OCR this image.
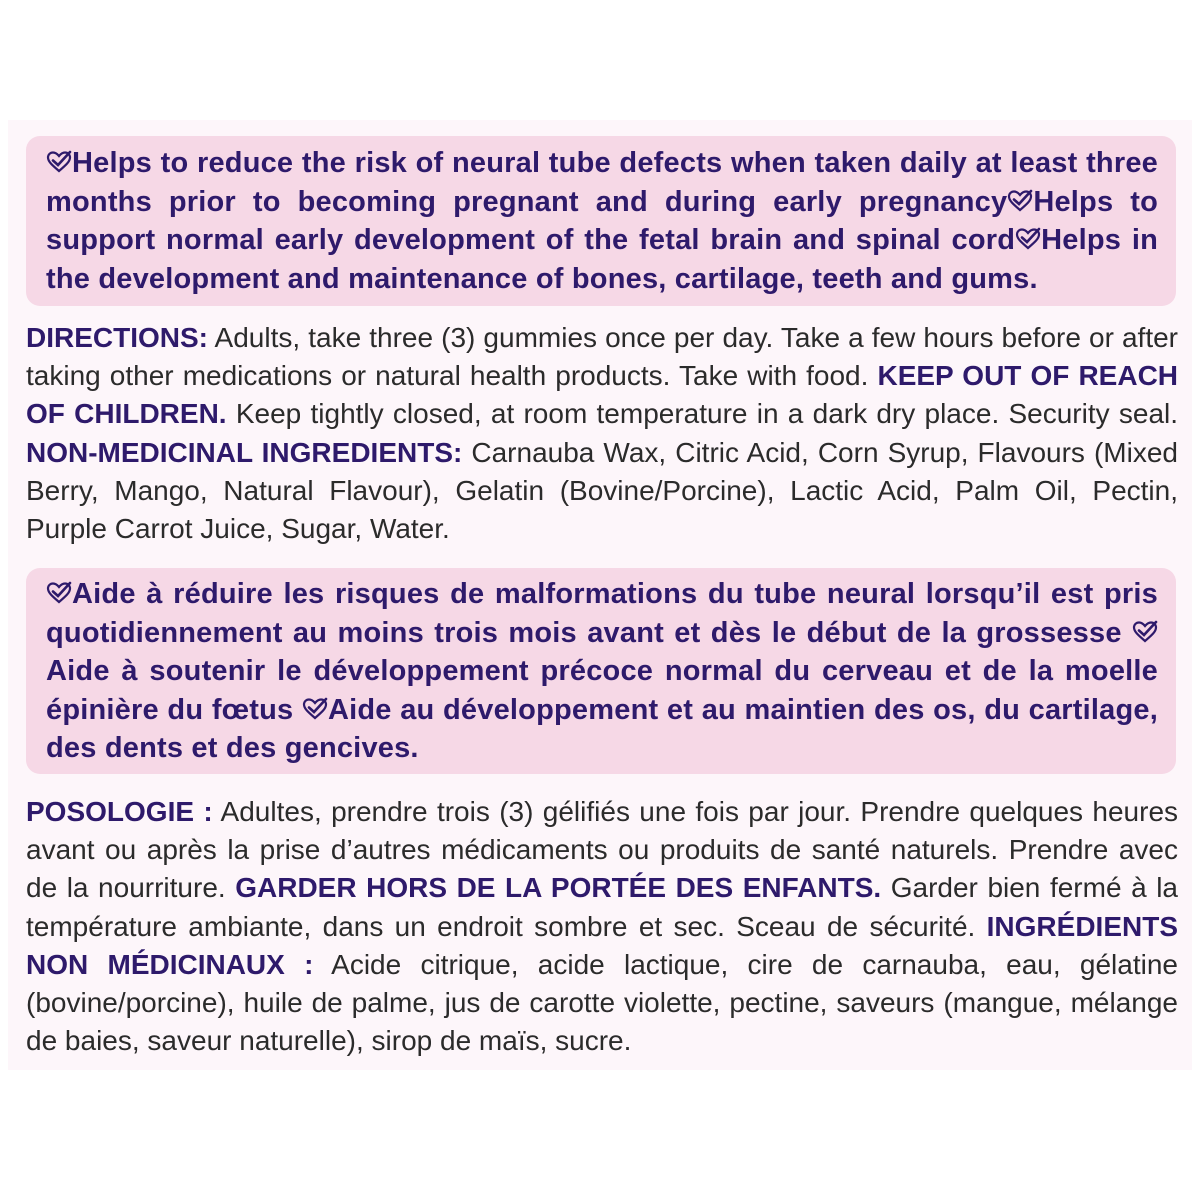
Helps to reduce the risk of neural tube defects when taken daily at least three months prior to becoming pregnant and during early pregnancy Helps to support normal early development of the fetal brain and spinal cord Helps in the development and maintenance of bones, cartilage, teeth and gums.
DIRECTIONS: Adults, take three (3) gummies once per day. Take a few hours before or after taking other medications or natural health products. Take with food. KEEP OUT OF REACH OF CHILDREN. Keep tightly closed, at room temperature in a dark dry place. Security seal. NON-MEDICINAL INGREDIENTS: Carnauba Wax, Citric Acid, Corn Syrup, Flavours (Mixed Berry, Mango, Natural Flavour), Gelatin (Bovine/Porcine), Lactic Acid, Palm Oil, Pectin, Purple Carrot Juice, Sugar, Water.
Aide à réduire les risques de malformations du tube neural lorsqu’il est pris quotidiennement au moins trois mois avant et dès le début de la grossesse
Aide à soutenir le développement précoce normal du cerveau et de la moelle épinière du fœtus Aide au développement et au maintien des os, du cartilage, des dents et des gencives.
POSOLOGIE : Adultes, prendre trois (3) gélifiés une fois par jour. Prendre quelques heures avant ou après la prise d’autres médicaments ou produits de santé naturels. Prendre avec de la nourriture. GARDER HORS DE LA PORTÉE DES ENFANTS. Garder bien fermé à la température ambiante, dans un endroit sombre et sec. Sceau de sécurité. INGRÉDIENTS NON MÉDICINAUX : Acide citrique, acide lactique, cire de carnauba, eau, gélatine (bovine/porcine), huile de palme, jus de carotte violette, pectine, saveurs (mangue, mélange de baies, saveur naturelle), sirop de maïs, sucre.
